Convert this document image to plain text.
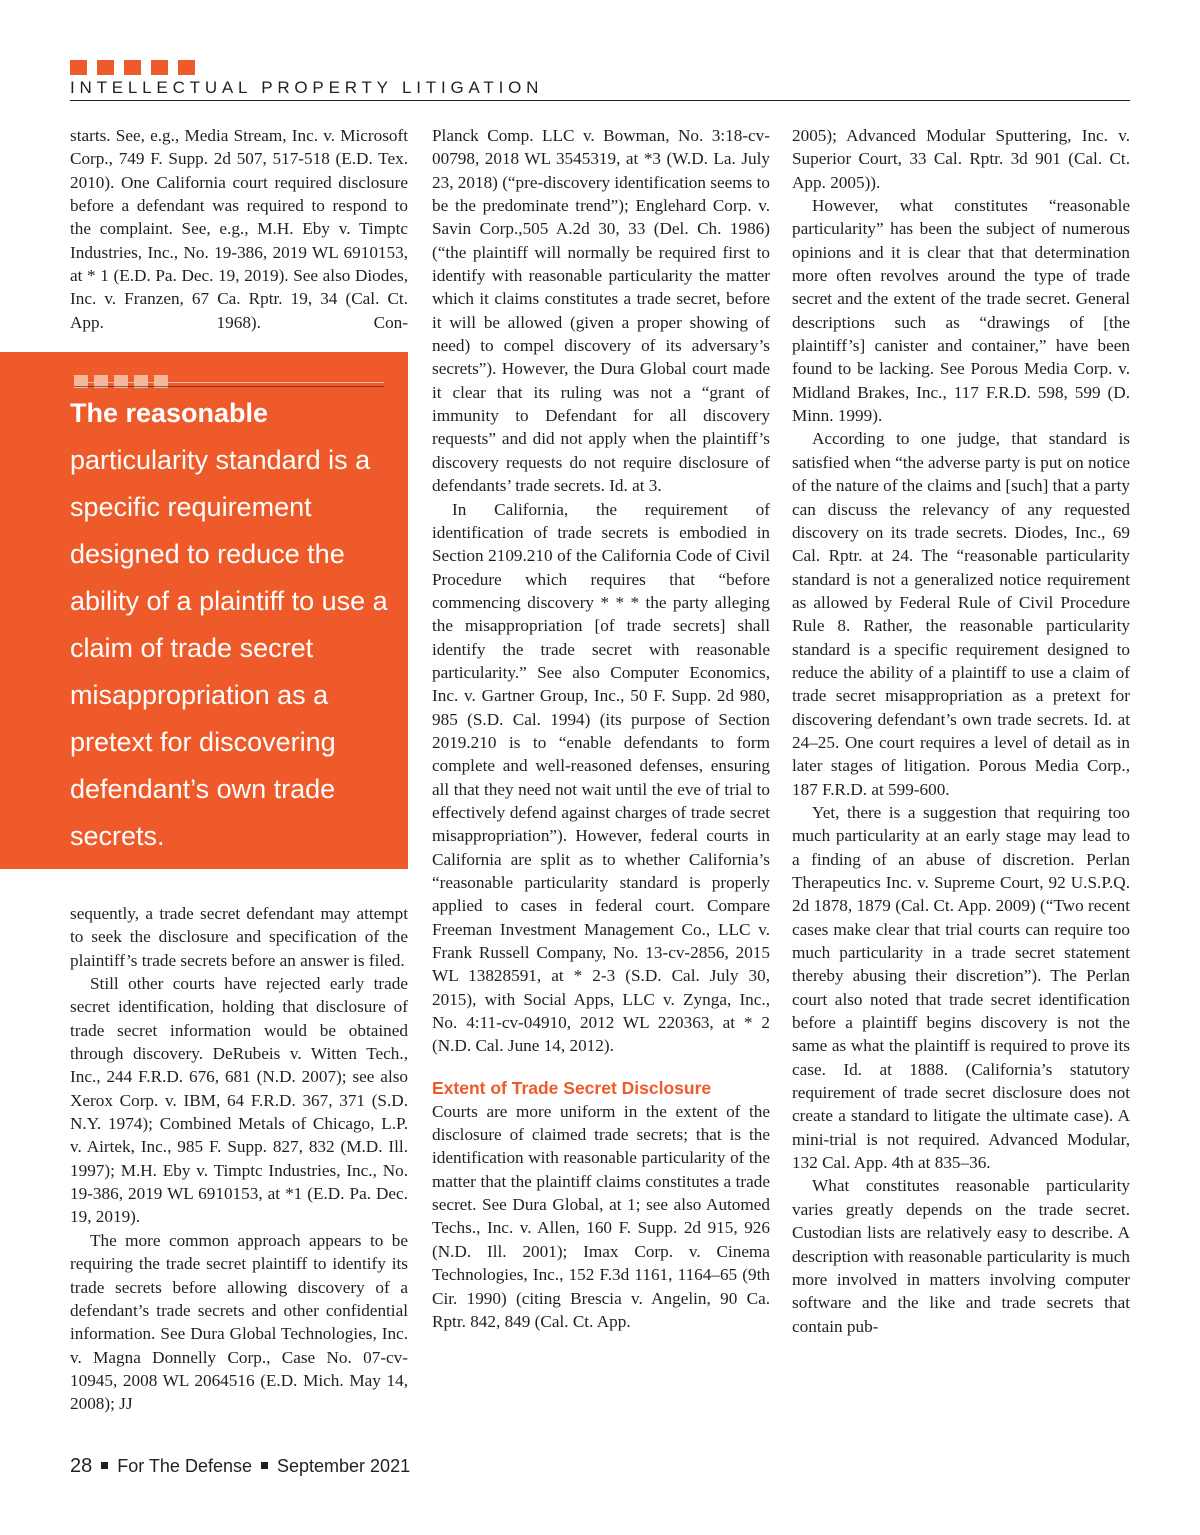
INTELLECTUAL PROPERTY LITIGATION

starts. See, e.g., Media Stream, Inc. v. Microsoft Corp., 749 F. Supp. 2d 507, 517-518 (E.D. Tex. 2010). One California court required disclosure before a defendant was required to respond to the complaint. See, e.g., M.H. Eby v. Timptc Industries, Inc., No. 19-386, 2019 WL 6910153, at * 1 (E.D. Pa. Dec. 19, 2019). See also Diodes, Inc. v. Franzen, 67 Ca. Rptr. 19, 34 (Cal. Ct. App. 1968). Con-

sequently, a trade secret defendant may attempt to seek the disclosure and specification of the plaintiff’s trade secrets before an answer is filed.

Still other courts have rejected early trade secret identification, holding that disclosure of trade secret information would be obtained through discovery. DeRubeis v. Witten Tech., Inc., 244 F.R.D. 676, 681 (N.D. 2007); see also Xerox Corp. v. IBM, 64 F.R.D. 367, 371 (S.D. N.Y. 1974); Combined Metals of Chicago, L.P. v. Airtek, Inc., 985 F. Supp. 827, 832 (M.D. Ill. 1997); M.H. Eby v. Timptc Industries, Inc., No. 19-386, 2019 WL 6910153, at *1 (E.D. Pa. Dec. 19, 2019).

The more common approach appears to be requiring the trade secret plaintiff to identify its trade secrets before allowing discovery of a defendant’s trade secrets and other confidential information. See Dura Global Technologies, Inc. v. Magna Donnelly Corp., Case No. 07-cv-10945, 2008 WL 2064516 (E.D. Mich. May 14, 2008); JJ

The reasonable
particularity standard is a specific requirement designed to reduce the ability of a plaintiff to use a claim of trade secret misappropriation as a pretext for discovering defendant’s own trade secrets.

Planck Comp. LLC v. Bowman, No. 3:18-cv-00798, 2018 WL 3545319, at *3 (W.D. La. July 23, 2018) (“pre-discovery identification seems to be the predominate trend”); Englehard Corp. v. Savin Corp.,505 A.2d 30, 33 (Del. Ch. 1986) (“the plaintiff will normally be required first to identify with reasonable particularity the matter which it claims constitutes a trade secret, before it will be allowed (given a proper showing of need) to compel discovery of its adversary’s secrets”). However, the Dura Global court made it clear that its ruling was not a “grant of immunity to Defendant for all discovery requests” and did not apply when the plaintiff’s discovery requests do not require disclosure of defendants’ trade secrets. Id. at 3.

In California, the requirement of identification of trade secrets is embodied in Section 2109.210 of the California Code of Civil Procedure which requires that “before commencing discovery * * * the party alleging the misappropriation [of trade secrets] shall identify the trade secret with reasonable particularity.” See also Computer Economics, Inc. v. Gartner Group, Inc., 50 F. Supp. 2d 980, 985 (S.D. Cal. 1994) (its purpose of Section 2019.210 is to “enable defendants to form complete and well-reasoned defenses, ensuring all that they need not wait until the eve of trial to effectively defend against charges of trade secret misappropriation”). However, federal courts in California are split as to whether California’s “reasonable particularity standard is properly applied to cases in federal court. Compare Freeman Investment Management Co., LLC v. Frank Russell Company, No. 13-cv-2856, 2015 WL 13828591, at * 2-3 (S.D. Cal. July 30, 2015), with Social Apps, LLC v. Zynga, Inc., No. 4:11-cv-04910, 2012 WL 220363, at * 2 (N.D. Cal. June 14, 2012).

Extent of Trade Secret Disclosure

Courts are more uniform in the extent of the disclosure of claimed trade secrets; that is the identification with reasonable particularity of the matter that the plaintiff claims constitutes a trade secret. See Dura Global, at 1; see also Automed Techs., Inc. v. Allen, 160 F. Supp. 2d 915, 926 (N.D. Ill. 2001); Imax Corp. v. Cinema Technologies, Inc., 152 F.3d 1161, 1164–65 (9th Cir. 1990) (citing Brescia v. Angelin, 90 Ca. Rptr. 842, 849 (Cal. Ct. App.

2005); Advanced Modular Sputtering, Inc. v. Superior Court, 33 Cal. Rptr. 3d 901 (Cal. Ct. App. 2005)).

However, what constitutes “reasonable particularity” has been the subject of numerous opinions and it is clear that that determination more often revolves around the type of trade secret and the extent of the trade secret. General descriptions such as “drawings of [the plaintiff’s] canister and container,” have been found to be lacking. See Porous Media Corp. v. Midland Brakes, Inc., 117 F.R.D. 598, 599 (D. Minn. 1999).

According to one judge, that standard is satisfied when “the adverse party is put on notice of the nature of the claims and [such] that a party can discuss the relevancy of any requested discovery on its trade secrets. Diodes, Inc., 69 Cal. Rptr. at 24. The “reasonable particularity standard is not a generalized notice requirement as allowed by Federal Rule of Civil Procedure Rule 8. Rather, the reasonable particularity standard is a specific requirement designed to reduce the ability of a plaintiff to use a claim of trade secret misappropriation as a pretext for discovering defendant’s own trade secrets. Id. at 24–25. One court requires a level of detail as in later stages of litigation. Porous Media Corp., 187 F.R.D. at 599-600.

Yet, there is a suggestion that requiring too much particularity at an early stage may lead to a finding of an abuse of discretion. Perlan Therapeutics Inc. v. Supreme Court, 92 U.S.P.Q. 2d 1878, 1879 (Cal. Ct. App. 2009) (“Two recent cases make clear that trial courts can require too much particularity in a trade secret statement thereby abusing their discretion”). The Perlan court also noted that trade secret identification before a plaintiff begins discovery is not the same as what the plaintiff is required to prove its case. Id. at 1888. (California’s statutory requirement of trade secret disclosure does not create a standard to litigate the ultimate case). A mini-trial is not required. Advanced Modular, 132 Cal. App. 4th at 835–36.

What constitutes reasonable particularity varies greatly depends on the trade secret. Custodian lists are relatively easy to describe. A description with reasonable particularity is much more involved in matters involving computer software and the like and trade secrets that contain pub-

28 For The Defense September 2021
